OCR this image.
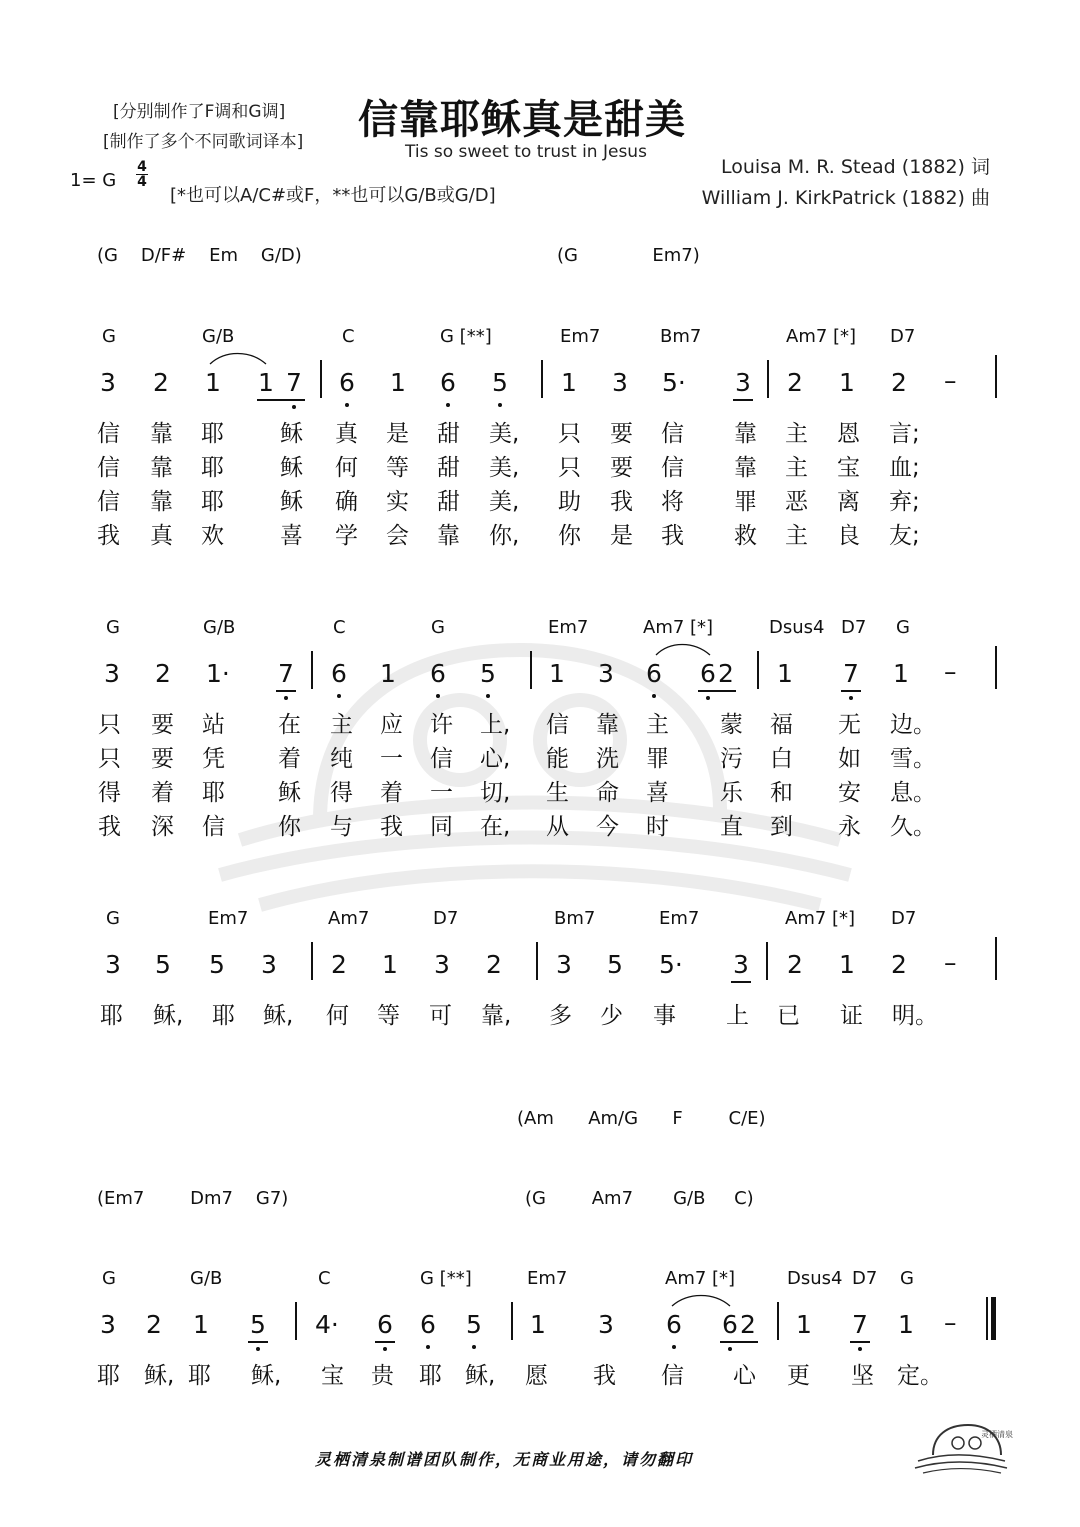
[分别制作了F调和G调]
[制作了多个不同歌词译本] 信靠耶稣真是甜美
Tis so sweet to trust in Jesus
1= G
4
4
[*也可以A/C#或F，**也可以G/B或G/D]
Louisa M. R. Stead (1882) 词
William J. KirkPatrick (1882) 曲
(G    D/F#    Em    G/D)	(G             Em7)
G	G/B	C	G [**]	Em7	Bm7	Am7 [*] D7
3 2 1 1 7 6 1 6 5 1 3 5· 3 2 1 2 –
信 靠 耶 稣 真 是 甜 美, 只 要 信 靠 主 恩 言;
信 靠 耶 稣 何 等 甜 美, 只 要 信 靠 主 宝 血;
信 靠 耶 稣 确 实 甜 美, 助 我 将 罪 恶 离 弃;
我 真 欢 喜 学 会 靠 你, 你 是 我 救 主 良 友;
G	G/B	C	G	Em7	Am7 [*]	Dsus4 D7 G
3 2 1· 7 6 1 6 5 1 3 6 6 2 1 7 1 –
只 要 站 在 主 应 许 上, 信 靠 主 蒙 福 无 边。
只 要 凭 着 纯 一 信 心, 能 洗 罪 污 白 如 雪。
得 着 耶 稣 得 着 一 切, 生 命 喜 乐 和 安 息。
我 深 信 你 与 我 同 在, 从 今 时 直 到 永 久。
G	Em7	Am7	D7	Bm7	Em7	Am7 [*] D7
3 5 5 3 2 1 3 2 3 5 5· 3 2 1 2 –
耶 稣, 耶 稣, 何 等 可 靠, 多 少 事 上 已 证 明。
(Am      Am/G      F        C/E)
(Em7        Dm7    G7)	(G        Am7       G/B     C)
G	G/B	C	G [**]	Em7	Am7 [*]	Dsus4 D7 G
3 2 1 5 4· 6 6 5 1 3 6 6 2 1 7 1 –
耶 稣, 耶 稣, 宝 贵 耶 稣, 愿 我 信 心 更 坚 定。
灵栖清泉制谱团队制作，无商业用途，请勿翻印
灵栖清泉
